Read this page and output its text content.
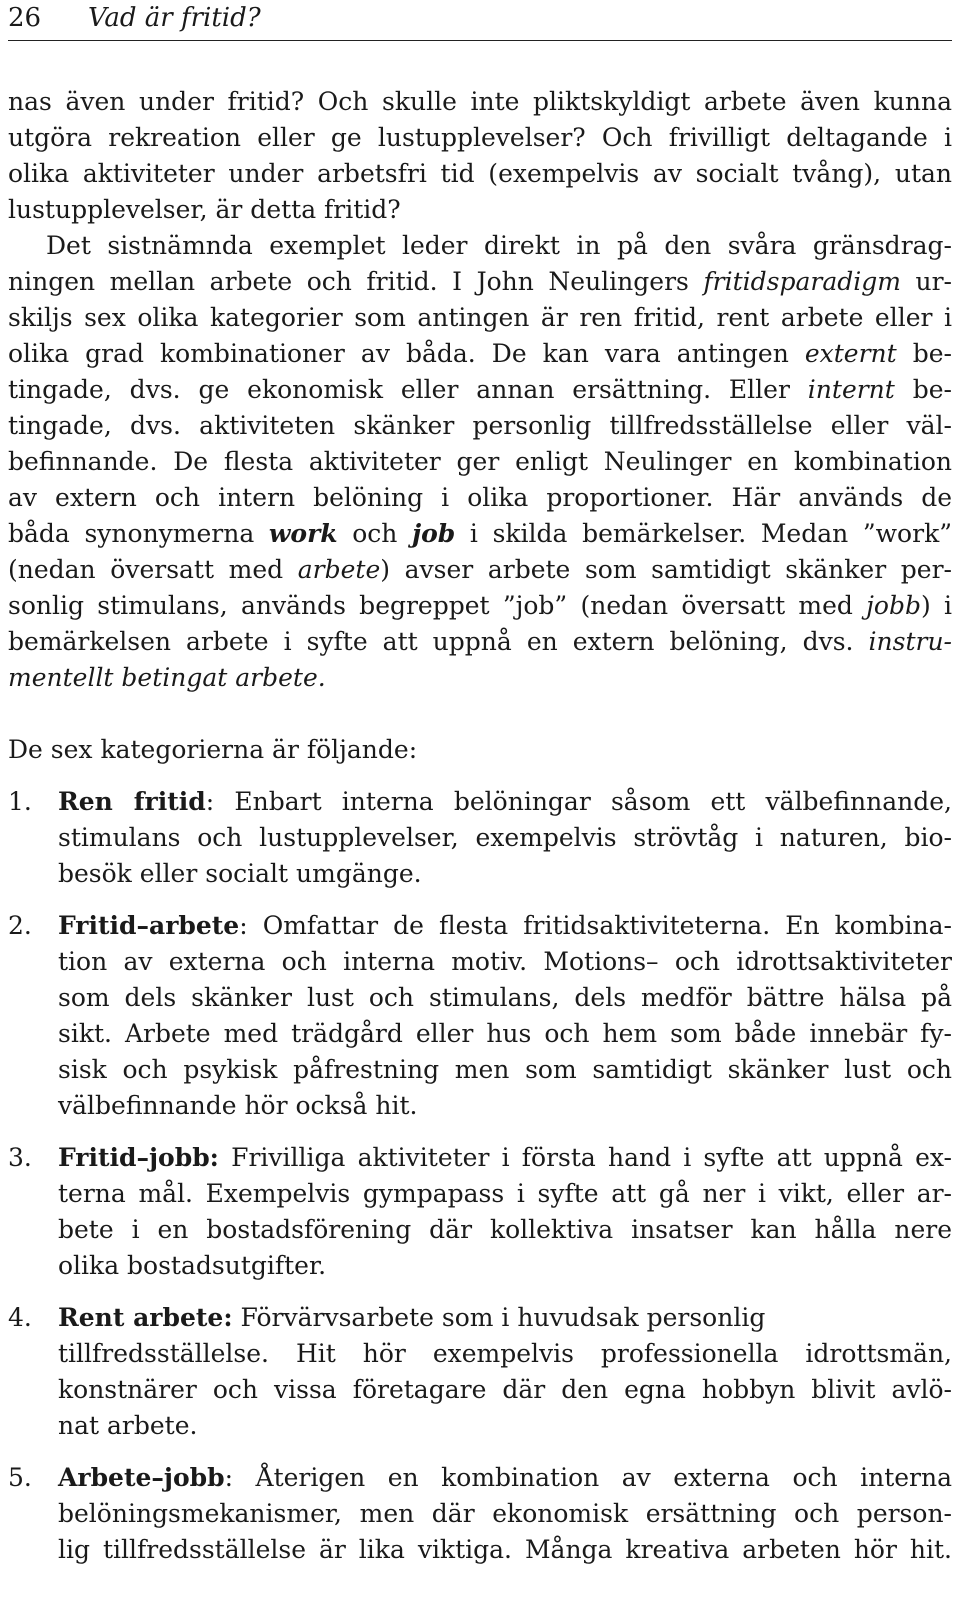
26 Vad är fritid?
nas även under fritid? Och skulle inte pliktskyldigt arbete även kunna
utgöra rekreation eller ge lustupplevelser? Och frivilligt deltagande i
olika aktiviteter under arbetsfri tid (exempelvis av socialt tvång), utan
lustupplevelser, är detta fritid?
Det sistnämnda exemplet leder direkt in på den svåra gränsdrag-
ningen mellan arbete och fritid. I John Neulingers fritidsparadigm ur-
skiljs sex olika kategorier som antingen är ren fritid, rent arbete eller i
olika grad kombinationer av båda. De kan vara antingen externt be-
tingade, dvs. ge ekonomisk eller annan ersättning. Eller internt be-
tingade, dvs. aktiviteten skänker personlig tillfredsställelse eller väl-
befinnande. De flesta aktiviteter ger enligt Neulinger en kombination
av extern och intern belöning i olika proportioner. Här används de
båda synonymerna work och job i skilda bemärkelser. Medan ”work”
(nedan översatt med arbete) avser arbete som samtidigt skänker per-
sonlig stimulans, används begreppet ”job” (nedan översatt med jobb) i
bemärkelsen arbete i syfte att uppnå en extern belöning, dvs. instru-
mentellt betingat arbete.
De sex kategorierna är följande:
1. Ren fritid: Enbart interna belöningar såsom ett välbefinnande,
stimulans och lustupplevelser, exempelvis strövtåg i naturen, bio-
besök eller socialt umgänge.
2. Fritid–arbete: Omfattar de flesta fritidsaktiviteterna. En kombina-
tion av externa och interna motiv. Motions– och idrottsaktiviteter
som dels skänker lust och stimulans, dels medför bättre hälsa på
sikt. Arbete med trädgård eller hus och hem som både innebär fy-
sisk och psykisk påfrestning men som samtidigt skänker lust och
välbefinnande hör också hit.
3. Fritid–jobb: Frivilliga aktiviteter i första hand i syfte att uppnå ex-
terna mål. Exempelvis gympapass i syfte att gå ner i vikt, eller ar-
bete i en bostadsförening där kollektiva insatser kan hålla nere
olika bostadsutgifter.
4. Rent arbete: Förvärvsarbete som i huvudsak personlig
tillfredsställelse. Hit hör exempelvis professionella idrottsmän,
konstnärer och vissa företagare där den egna hobbyn blivit avlö-
nat arbete.
5. Arbete–jobb: Återigen en kombination av externa och interna
belöningsmekanismer, men där ekonomisk ersättning och person-
lig tillfredsställelse är lika viktiga. Många kreativa arbeten hör hit.
